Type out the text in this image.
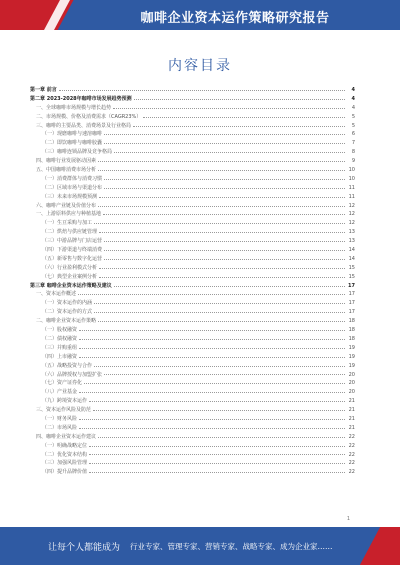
咖啡企业资本运作策略研究报告
内容目录
第一章 前言	4
第二章 2023-2028年咖啡市场发展趋势预测	4
一、全球咖啡市场规模与增长趋势	4
二、市场规模、价格及消费需求（CAGR23%）	5
三、咖啡的主要品类、消费场景及行业格局	5
（一）现磨咖啡与速溶咖啡	6
（二）即饮咖啡与咖啡胶囊	7
（三）咖啡连锁品牌及竞争格局	8
四、咖啡行业发展驱动因素	9
五、中国咖啡消费市场分析	10
（一）消费群体与消费习惯	10
（二）区域市场与渠道分布	11
（三）未来市场规模预测	11
六、咖啡产业链及价值分布	12
一、上游原料供应与种植基地	12
（一）生豆采购与加工	12
（二）烘焙与供应链管理	13
（三）中游品牌与门店运营	13
（四）下游渠道与终端消费	14
（五）新零售与数字化运营	14
（六）行业盈利模式分析	15
（七）典型企业案例分析	15
第三章 咖啡企业资本运作策略及建议	17
一、资本运作概述	17
（一）资本运作的内涵	17
（二）资本运作的方式	17
二、咖啡企业资本运作策略	18
（一）股权融资	18
（二）债权融资	18
（三）并购重组	19
（四）上市融资	19
（五）战略投资与合作	19
（六）品牌授权与加盟扩张	20
（七）资产证券化	20
（八）产业基金	20
（九）跨境资本运作	21
三、资本运作风险及防范	21
（一）财务风险	21
（二）市场风险	21
四、咖啡企业资本运作建议	22
（一）明确战略定位	22
（二）优化资本结构	22
（三）加强风险管理	22
（四）提升品牌价值	22
1
让每个人都能成为 行业专家、管理专家、营销专家、战略专家、成为企业家……
